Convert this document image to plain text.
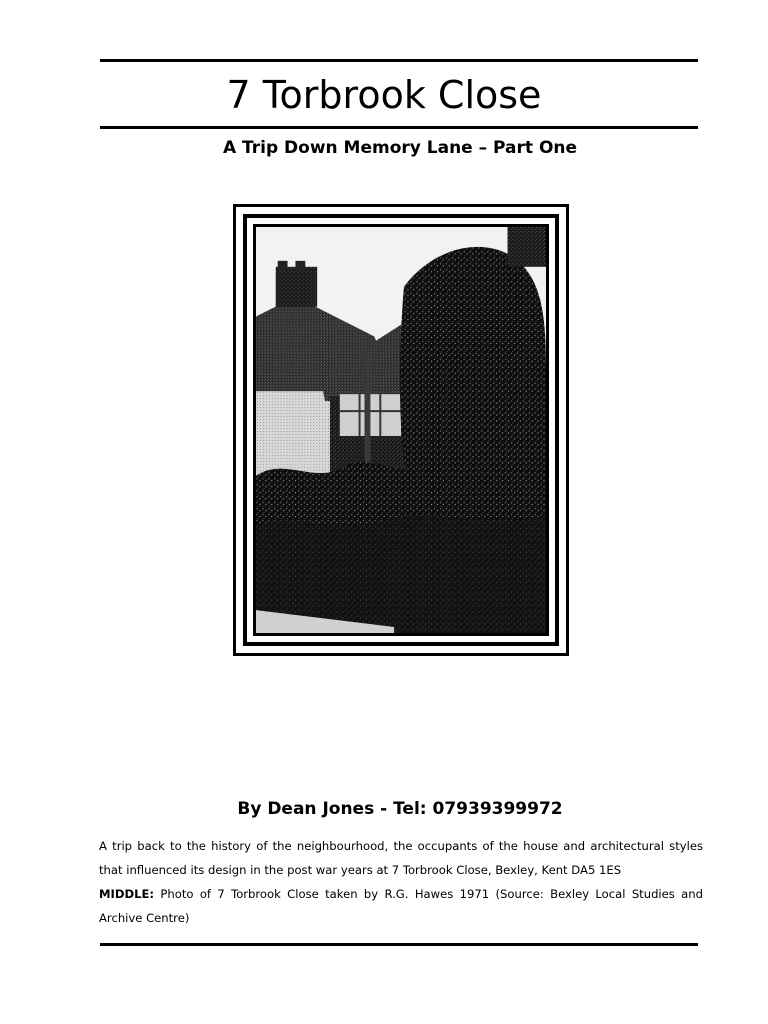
7 Torbrook Close
A Trip Down Memory Lane – Part One
By Dean Jones - Tel: 07939399972

A trip back to the history of the neighbourhood, the occupants of the house and architectural styles that influenced its design in the post war years at 7 Torbrook Close, Bexley, Kent DA5 1ES

MIDDLE: Photo of 7 Torbrook Close taken by R.G. Hawes 1971 (Source: Bexley Local Studies and Archive Centre)
